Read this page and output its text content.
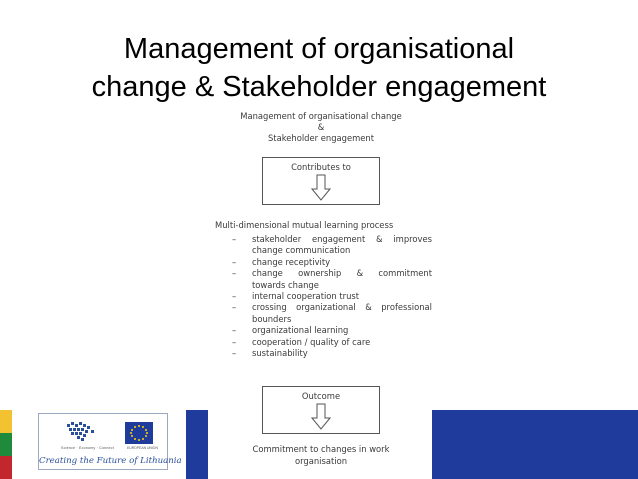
Management of organisational
change & Stakeholder engagement
Management of organisational change
&
Stakeholder engagement
Contributes to
Multi-dimensional mutual learning process
– stakeholder engagement & improves
change communication
– change receptivity
– change ownership & commitment
towards change
– internal cooperation trust
– crossing organizational & professional
bounders
– organizational learning
– cooperation / quality of care
– sustainability
Outcome
Commitment to changes in work
organisation
Science · Economy · Connect	EUROPEAN UNION
Creating the Future of Lithuania
